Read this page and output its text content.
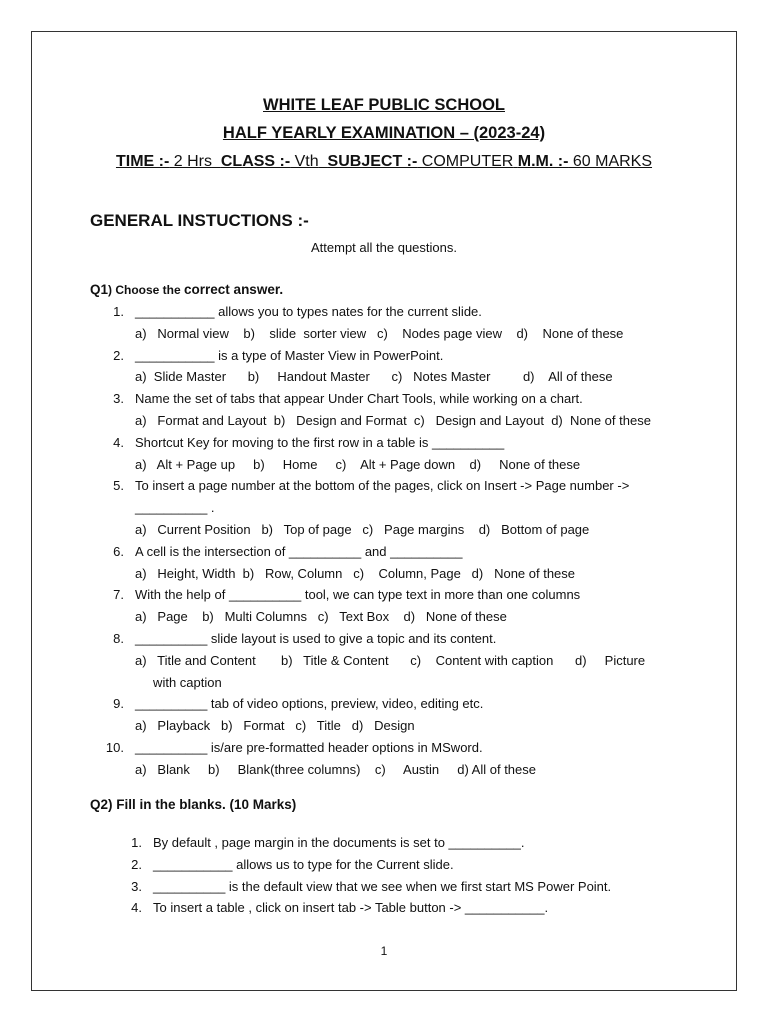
WHITE LEAF PUBLIC SCHOOL
HALF YEARLY EXAMINATION – (2023-24)
TIME :- 2 Hrs CLASS :- Vth SUBJECT :- COMPUTER M.M. :- 60 MARKS
GENERAL INSTUCTIONS :-
Attempt all the questions.
Q1) Choose the correct answer.
1. ___________ allows you to types nates for the current slide.
a)   Normal view    b)    slide  sorter view   c)    Nodes page view    d)    None of these
2. ___________ is a type of Master View in PowerPoint.
a)  Slide Master      b)     Handout Master      c)   Notes Master         d)    All of these
3. Name the set of tabs that appear Under Chart Tools, while working on a chart.
a)   Format and Layout  b)   Design and Format  c)   Design and Layout  d)  None of these
4. Shortcut Key for moving to the first row in a table is __________
a)   Alt + Page up     b)     Home     c)    Alt + Page down    d)     None of these
5. To insert a page number at the bottom of the pages, click on Insert -> Page number ->
__________ .
a)   Current Position   b)   Top of page   c)   Page margins    d)   Bottom of page
6. A cell is the intersection of __________ and __________
a)   Height, Width  b)   Row, Column   c)    Column, Page   d)   None of these
7. With the help of __________ tool, we can type text in more than one columns
a)   Page    b)   Multi Columns   c)   Text Box    d)   None of these
8. __________ slide layout is used to give a topic and its content.
a)   Title and Content       b)   Title & Content      c)    Content with caption      d)     Picture
with caption
9. __________ tab of video options, preview, video, editing etc.
a)   Playback   b)   Format   c)   Title   d)   Design
10. __________ is/are pre-formatted header options in MSword.
a)   Blank     b)     Blank(three columns)    c)     Austin     d) All of these
Q2) Fill in the blanks. (10 Marks)
1. By default , page margin in the documents is set to __________.
2. ___________ allows us to type for the Current slide.
3. __________ is the default view that we see when we first start MS Power Point.
4. To insert a table , click on insert tab -> Table button -> ___________.
1
